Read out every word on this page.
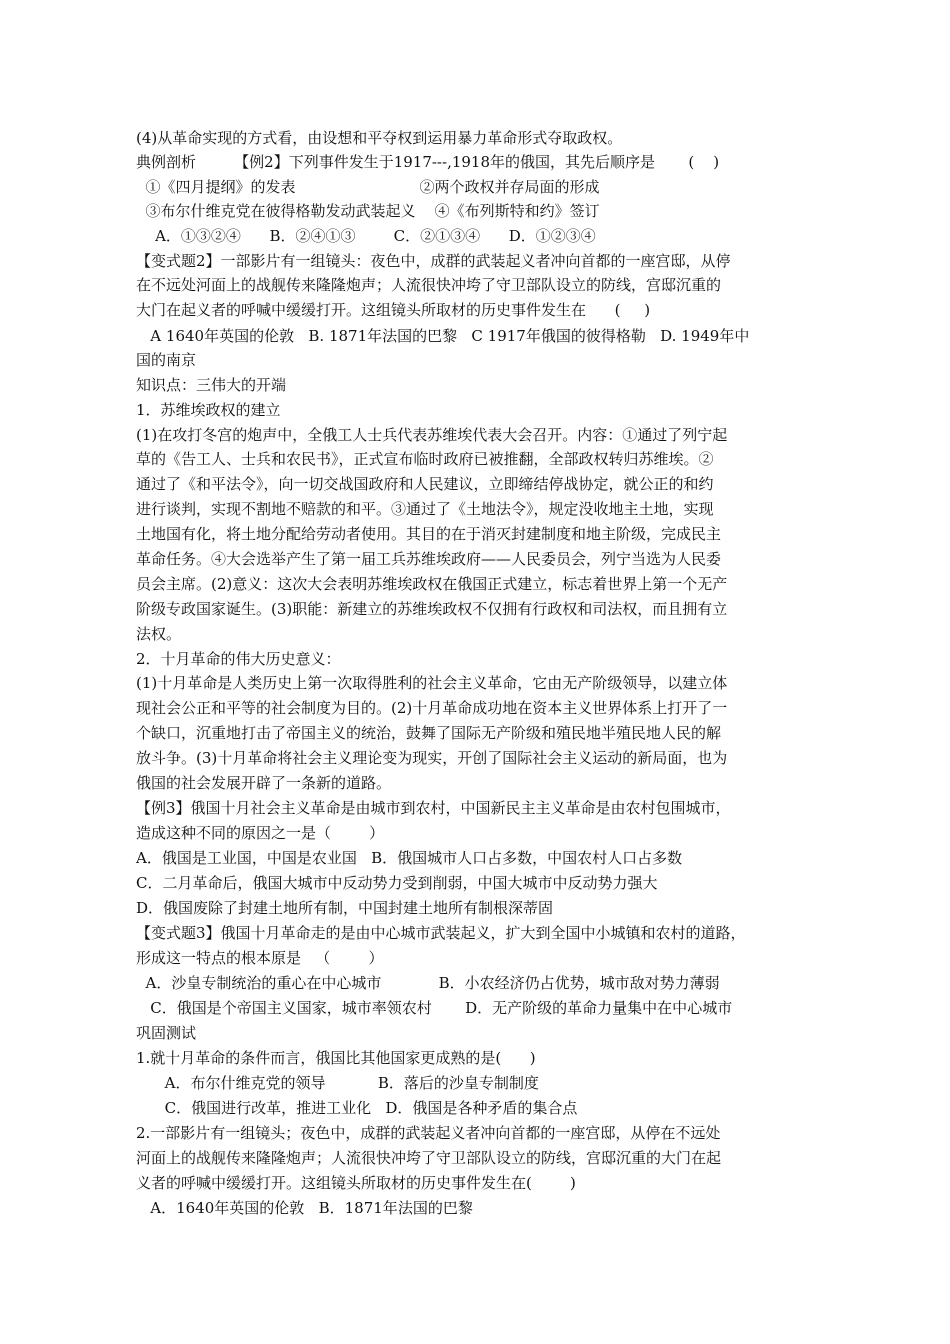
(4)从革命实现的方式看，由设想和平夺权到运用暴力革命形式夺取政权。
典例剖析        【例2】下列事件发生于1917---,1918年的俄国，其先后顺序是       (    )
①《四月提纲》的发表                          ②两个政权并存局面的形成
③布尔什维克党在彼得格勒发动武装起义    ④《布列斯特和约》签订
A．①③②④      B．②④①③        C．②①③④      D．①②③④
【变式题2】一部影片有一组镜头：夜色中，成群的武装起义者冲向首都的一座宫邸，从停
在不远处河面上的战舰传来隆隆炮声；人流很快冲垮了守卫部队设立的防线，宫邸沉重的
大门在起义者的呼喊中缓缓打开。这组镜头所取材的历史事件发生在      (     )
A 1640年英国的伦敦   B. 1871年法国的巴黎   C 1917年俄国的彼得格勒   D. 1949年中
国的南京
知识点：三伟大的开端
1．苏维埃政权的建立
(1)在攻打冬宫的炮声中，全俄工人士兵代表苏维埃代表大会召开。内容：①通过了列宁起
草的《告工人、士兵和农民书》，正式宣布临时政府已被推翻，全部政权转归苏维埃。②
通过了《和平法令》，向一切交战国政府和人民建议，立即缔结停战协定，就公正的和约
进行谈判，实现不割地不赔款的和平。③通过了《土地法令》，规定没收地主土地，实现
土地国有化，将土地分配给劳动者使用。其目的在于消灭封建制度和地主阶级，完成民主
革命任务。④大会选举产生了第一届工兵苏维埃政府——人民委员会，列宁当选为人民委
员会主席。(2)意义：这次大会表明苏维埃政权在俄国正式建立，标志着世界上第一个无产
阶级专政国家诞生。(3)职能：新建立的苏维埃政权不仅拥有行政权和司法权，而且拥有立
法权。
2．十月革命的伟大历史意义：
(1)十月革命是人类历史上第一次取得胜利的社会主义革命，它由无产阶级领导，以建立体
现社会公正和平等的社会制度为目的。(2)十月革命成功地在资本主义世界体系上打开了一
个缺口，沉重地打击了帝国主义的统治，鼓舞了国际无产阶级和殖民地半殖民地人民的解
放斗争。(3)十月革命将社会主义理论变为现实，开创了国际社会主义运动的新局面，也为
俄国的社会发展开辟了一条新的道路。
【例3】俄国十月社会主义革命是由城市到农村，中国新民主主义革命是由农村包围城市，
造成这种不同的原因之一是（        ）
A．俄国是工业国，中国是农业国   B．俄国城市人口占多数，中国农村人口占多数
C．二月革命后，俄国大城市中反动势力受到削弱，中国大城市中反动势力强大
D．俄国废除了封建土地所有制，中国封建土地所有制根深蒂固
【变式题3】俄国十月革命走的是由中心城市武装起义，扩大到全国中小城镇和农村的道路，
形成这一特点的根本原是   （        ）
A．沙皇专制统治的重心在中心城市            B．小农经济仍占优势，城市敌对势力薄弱
C．俄国是个帝国主义国家，城市率领农村       D．无产阶级的革命力量集中在中心城市
巩固测试
1.就十月革命的条件而言，俄国比其他国家更成熟的是(      )
A．布尔什维克党的领导           B．落后的沙皇专制制度
C．俄国进行改革，推进工业化   D．俄国是各种矛盾的集合点
2.一部影片有一组镜头；夜色中，成群的武装起义者冲向首都的一座宫邸，从停在不远处
河面上的战舰传来隆隆炮声；人流很快冲垮了守卫部队设立的防线，宫邸沉重的大门在起
义者的呼喊中缓缓打开。这组镜头所取材的历史事件发生在(        )
A．1640年英国的伦敦   B．1871年法国的巴黎
